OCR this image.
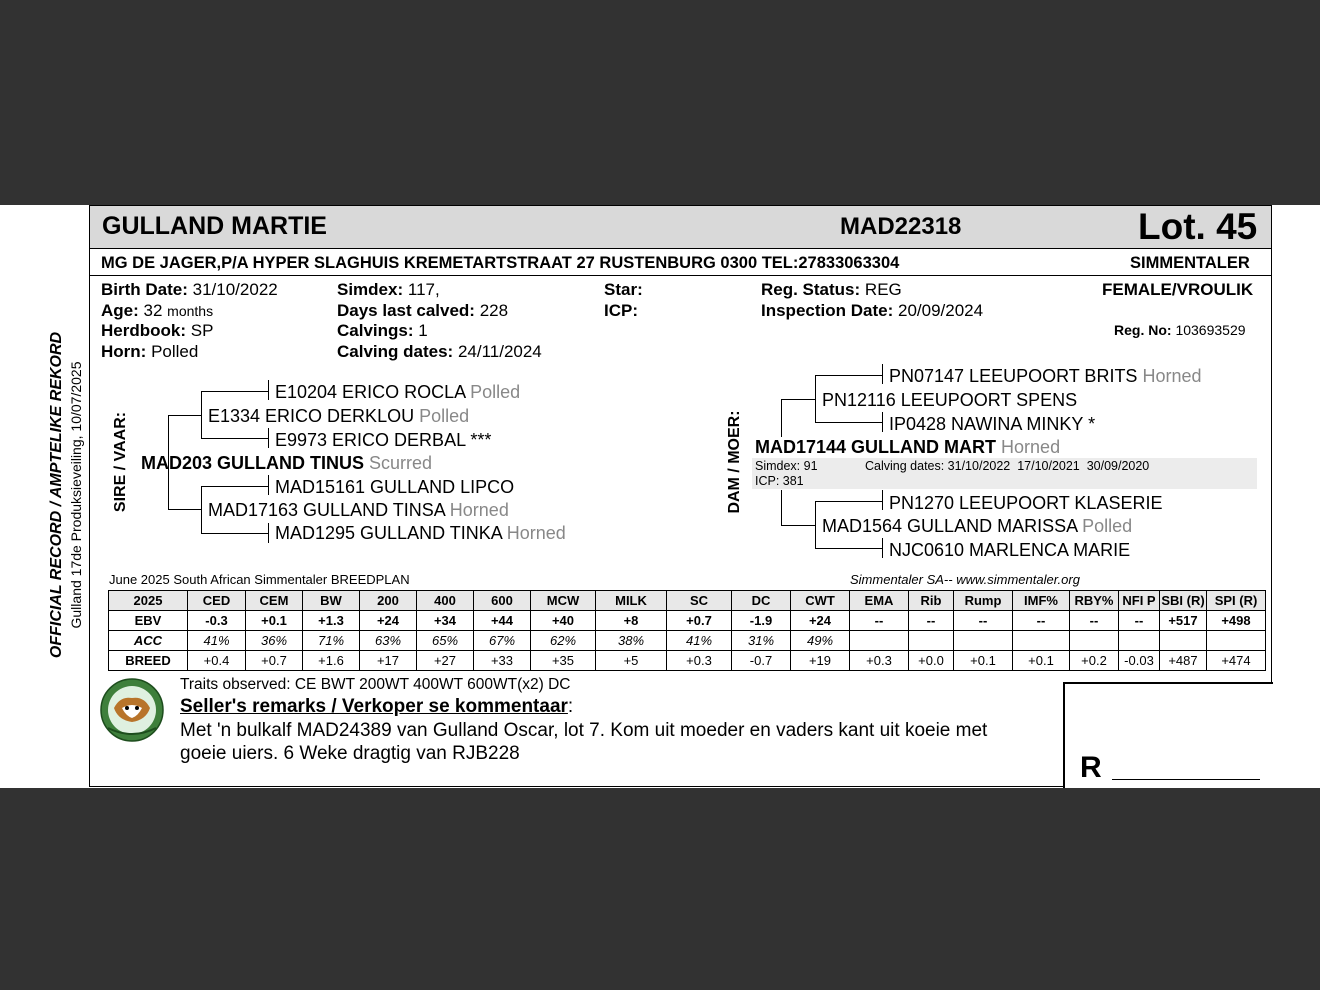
GULLAND MARTIE	MAD22318	Lot. 45
MG DE JAGER,P/A HYPER SLAGHUIS KREMETARTSTRAAT 27 RUSTENBURG 0300 TEL:27833063304	SIMMENTALER
Birth Date: 31/10/2022
Age: 32 months
Herdbook: SP
Horn: Polled
Simdex: 117,
Days last calved: 228
Calvings: 1
Calving dates: 24/11/2024
Star:
ICP:
Reg. Status: REG
Inspection Date: 20/09/2024
FEMALE/VROULIK
Reg. No: 103693529
OFFICIAL RECORD / AMPTELIKE REKORD Gulland 17de Produksieveiling, 10/07/2025 SIRE / VAAR:
E10204 ERICO ROCLA Polled
E1334 ERICO DERKLOU Polled
E9973 ERICO DERBAL ***
MAD203 GULLAND TINUS Scurred
MAD15161 GULLAND LIPCO
MAD17163 GULLAND TINSA Horned
MAD1295 GULLAND TINKA Horned
DAM / MOER:
PN07147 LEEUPOORT BRITS Horned
PN12116 LEEUPOORT SPENS
IP0428 NAWINA MINKY *
MAD17144 GULLAND MART Horned
Simdex: 91	Calving dates: 31/10/2022  17/10/2021  30/09/2020
ICP: 381
PN1270 LEEUPOORT KLASERIE
MAD1564 GULLAND MARISSA Polled
NJC0610 MARLENCA MARIE
June 2025 South African Simmentaler BREEDPLAN	Simmentaler SA-- www.simmentaler.org
2025	CED	CEM	BW	200	400	600	MCW	MILK	SC	DC	CWT	EMA	Rib	Rump	IMF%	RBY%	NFI P	SBI (R)	SPI (R)
EBV	-0.3	+0.1	+1.3	+24	+34	+44	+40	+8	+0.7	-1.9	+24	--	--	--	--	--	--	+517	+498
ACC	41%	36%	71%	63%	65%	67%	62%	38%	41%	31%	49%								
BREED	+0.4	+0.7	+1.6	+17	+27	+33	+35	+5	+0.3	-0.7	+19	+0.3	+0.0	+0.1	+0.1	+0.2	-0.03	+487	+474
Traits observed: CE BWT 200WT 400WT 600WT(x2) DC
Seller's remarks / Verkoper se kommentaar:
Met 'n bulkalf MAD24389 van Gulland Oscar, lot 7. Kom uit moeder en vaders kant uit koeie met
goeie uiers. 6 Weke dragtig van RJB228	R
